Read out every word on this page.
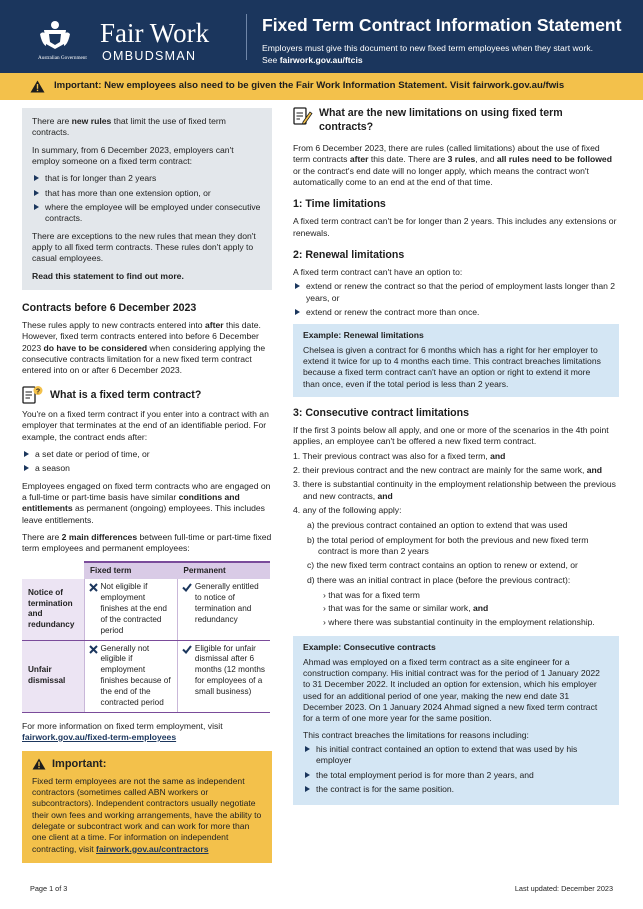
Australian Government
Fair Work
OMBUDSMAN
Fixed Term Contract Information Statement
Employers must give this document to new fixed term employees when they start work.
See fairwork.gov.au/ftcis
Important: New employees also need to be given the Fair Work Information Statement. Visit fairwork.gov.au/fwis

There are new rules that limit the use of fixed term contracts.

In summary, from 6 December 2023, employers can't employ someone on a fixed term contract:

that is for longer than 2 years
that has more than one extension option, or
where the employee will be employed under consecutive contracts.

There are exceptions to the new rules that mean they don't apply to all fixed term contracts. These rules don't apply to casual employees.

Read this statement to find out more.

Contracts before 6 December 2023

These rules apply to new contracts entered into after this date. However, fixed term contracts entered into before 6 December 2023 do have to be considered when considering applying the consecutive contracts limitation for a new fixed term contract entered into on or after 6 December 2023.

? What is a fixed term contract?

You're on a fixed term contract if you enter into a contract with an employer that terminates at the end of an identifiable period. For example, the contract ends after:

a set date or period of time, or
a season

Employees engaged on fixed term contracts who are engaged on a full-time or part-time basis have similar conditions and entitlements as permanent (ongoing) employees. This includes leave entitlements.

There are 2 main differences between full-time or part-time fixed term employees and permanent employees:

	Fixed term	Permanent
Notice of termination and redundancy	Not eligible if employment finishes at the end of the contracted period	Generally entitled to notice of termination and redundancy

Unfair dismissal	Generally not eligible if employment finishes because of the end of the contracted period	Eligible for unfair dismissal after 6 months (12 months for employees of a small business)

For more information on fixed term employment, visit fairwork.gov.au/fixed-term-employees

Important:

Fixed term employees are not the same as independent contractors (sometimes called ABN workers or subcontractors). Independent contractors usually negotiate their own fees and working arrangements, have the ability to delegate or subcontract work and can work for more than one client at a time. For information on independent contracting, visit fairwork.gov.au/contractors

What are the new limitations on using fixed term contracts?

From 6 December 2023, there are rules (called limitations) about the use of fixed term contracts after this date. There are 3 rules, and all rules need to be followed or the contract's end date will no longer apply, which means the contract won't automatically come to an end at the end of that time.

1: Time limitations

A fixed term contract can't be for longer than 2 years. This includes any extensions or renewals.

2: Renewal limitations

A fixed term contract can't have an option to:

extend or renew the contract so that the period of employment lasts longer than 2 years, or
extend or renew the contract more than once.
Example: Renewal limitations

Chelsea is given a contract for 6 months which has a right for her employer to extend it twice for up to 4 months each time. This contract breaches limitations because a fixed term contract can't have an option or right to extend it more than once, even if the total period is less than 2 years.

3: Consecutive contract limitations

If the first 3 points below all apply, and one or more of the scenarios in the 4th point applies, an employee can't be offered a new fixed term contract.

1. Their previous contract was also for a fixed term, and
2. their previous contract and the new contract are mainly for the same work, and
3. there is substantial continuity in the employment relationship between the previous and new contracts, and
4. any of the following apply:
a) the previous contract contained an option to extend that was used
b) the total period of employment for both the previous and new fixed term contract is more than 2 years
c) the new fixed term contract contains an option to renew or extend, or
d) there was an initial contract in place (before the previous contract):
› that was for a fixed term
› that was for the same or similar work, and
› where there was substantial continuity in the employment relationship.
Example: Consecutive contracts

Ahmad was employed on a fixed term contract as a site engineer for a construction company. His initial contract was for the period of 1 January 2022 to 31 December 2022. It included an option for extension, which his employer used for an additional period of one year, making the new end date 31 December 2023. On 1 January 2024 Ahmad signed a new fixed term contract for a term of one more year for the same position.

This contract breaches the limitations for reasons including:

his initial contract contained an option to extend that was used by his employer
the total employment period is for more than 2 years, and
the contract is for the same position.
Page 1 of 3	Last updated: December 2023
